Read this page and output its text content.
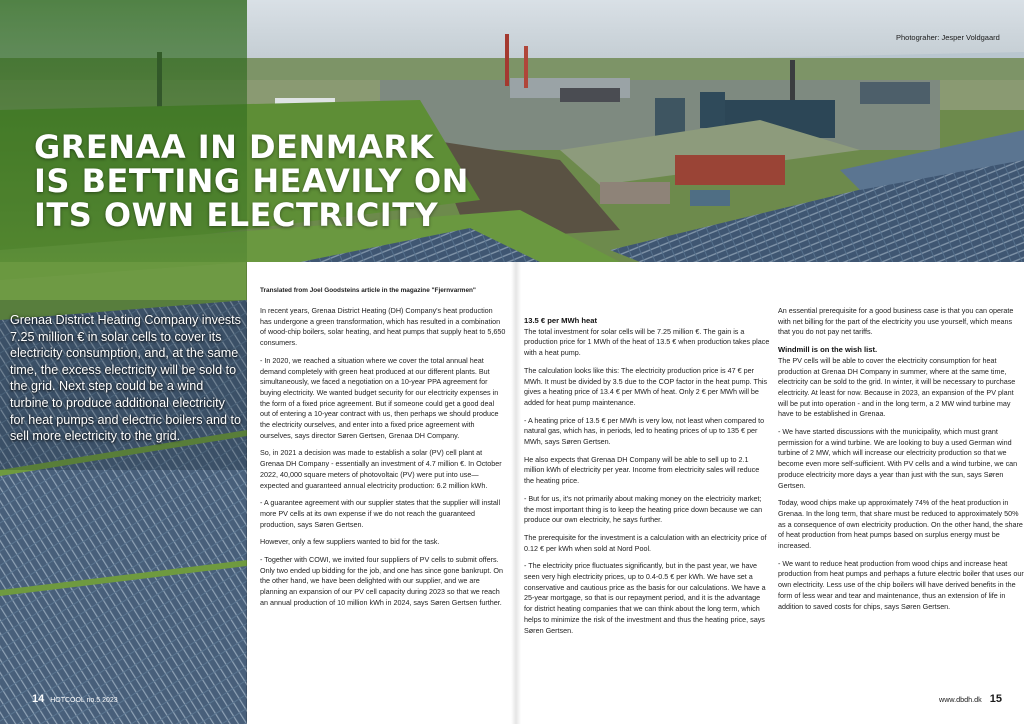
Photograher: Jesper Voldgaard
GRENAA IN DENMARK
IS BETTING HEAVILY ON
ITS OWN ELECTRICITY

Grenaa District Heating Company invests 7.25 million € in solar cells to cover its electricity consumption, and, at the same time, the excess electricity will be sold to the grid. Next step could be a wind turbine to produce additional electricity for heat pumps and electric boilers and to sell more electricity to the grid.

Translated from Joel Goodsteins article in the magazine "Fjernvarmen"

In recent years, Grenaa District Heating (DH) Company's heat production has undergone a green transformation, which has resulted in a combination of wood-chip boilers, solar heating, and heat pumps that supply heat to 5,650 consumers.

- In 2020, we reached a situation where we cover the total annual heat demand completely with green heat produced at our different plants. But simultaneously, we faced a negotiation on a 10-year PPA agreement for buying electricity. We wanted budget security for our electricity expenses in the form of a fixed price agreement. But if someone could get a good deal out of entering a 10-year contract with us, then perhaps we should produce the electricity ourselves, and enter into a fixed price agreement with ourselves, says director Søren Gertsen, Grenaa DH Company.

So, in 2021 a decision was made to establish a solar (PV) cell plant at Grenaa DH Company - essentially an investment of 4.7 million €. In October 2022, 40,000 square meters of photovoltaic (PV) were put into use—expected and guaranteed annual electricity production: 6.2 million kWh.

- A guarantee agreement with our supplier states that the supplier will install more PV cells at its own expense if we do not reach the guaranteed production, says Søren Gertsen.

However, only a few suppliers wanted to bid for the task.

- Together with COWI, we invited four suppliers of PV cells to submit offers. Only two ended up bidding for the job, and one has since gone bankrupt. On the other hand, we have been delighted with our supplier, and we are planning an expansion of our PV cell capacity during 2023 so that we reach an annual production of 10 million kWh in 2024, says Søren Gertsen further.

13.5 € per MWh heat

The total investment for solar cells will be 7.25 million €. The gain is a production price for 1 MWh of the heat of 13.5 € when production takes place with a heat pump.

The calculation looks like this: The electricity production price is 47 € per MWh. It must be divided by 3.5 due to the COP factor in the heat pump. This gives a heating price of 13.4 € per MWh of heat. Only 2 € per MWh will be added for heat pump maintenance.

- A heating price of 13.5 € per MWh is very low, not least when compared to natural gas, which has, in periods, led to heating prices of up to 135 € per MWh, says Søren Gertsen.

He also expects that Grenaa DH Company will be able to sell up to 2.1 million kWh of electricity per year. Income from electricity sales will reduce the heating price.

- But for us, it's not primarily about making money on the electricity market; the most important thing is to keep the heating price down because we can produce our own electricity, he says further.

The prerequisite for the investment is a calculation with an electricity price of 0.12 € per kWh when sold at Nord Pool.

- The electricity price fluctuates significantly, but in the past year, we have seen very high electricity prices, up to 0.4-0.5 € per kWh. We have set a conservative and cautious price as the basis for our calculations. We have a 25-year mortgage, so that is our repayment period, and it is the advantage for district heating companies that we can think about the long term, which helps to minimize the risk of the investment and thus the heating price, says Søren Gertsen.

An essential prerequisite for a good business case is that you can operate with net billing for the part of the electricity you use yourself, which means that you do not pay net tariffs.

Windmill is on the wish list.

The PV cells will be able to cover the electricity consumption for heat production at Grenaa DH Company in summer, where at the same time, electricity can be sold to the grid. In winter, it will be necessary to purchase electricity. At least for now. Because in 2023, an expansion of the PV plant will be put into operation - and in the long term, a 2 MW wind turbine may have to be established in Grenaa.

- We have started discussions with the municipality, which must grant permission for a wind turbine. We are looking to buy a used German wind turbine of 2 MW, which will increase our electricity production so that we become even more self-sufficient. With PV cells and a wind turbine, we can produce electricity more days a year than just with the sun, says Søren Gertsen.

Today, wood chips make up approximately 74% of the heat production in Grenaa. In the long term, that share must be reduced to approximately 50% as a consequence of own electricity production. On the other hand, the share of heat production from heat pumps based on surplus energy must be increased.

- We want to reduce heat production from wood chips and increase heat production from heat pumps and perhaps a future electric boiler that uses our own electricity. Less use of the chip boilers will have derived benefits in the form of less wear and tear and maintenance, thus an extension of life in addition to saved costs for chips, says Søren Gertsen.

14 HOTCOOL no.5 2023	www.dbdh.dk 15
